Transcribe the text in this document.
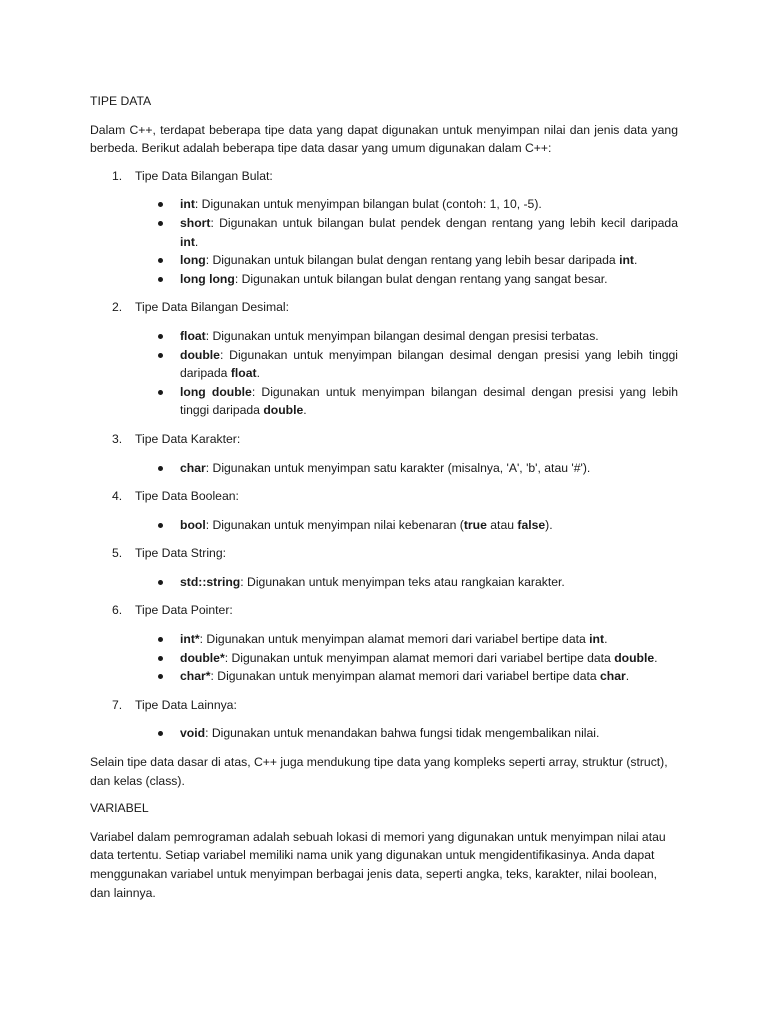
TIPE DATA

Dalam C++, terdapat beberapa tipe data yang dapat digunakan untuk menyimpan nilai dan jenis data yang berbeda. Berikut adalah beberapa tipe data dasar yang umum digunakan dalam C++:

1. Tipe Data Bilangan Bulat:
int: Digunakan untuk menyimpan bilangan bulat (contoh: 1, 10, -5).
short: Digunakan untuk bilangan bulat pendek dengan rentang yang lebih kecil daripada int.
long: Digunakan untuk bilangan bulat dengan rentang yang lebih besar daripada int.
long long: Digunakan untuk bilangan bulat dengan rentang yang sangat besar.
2. Tipe Data Bilangan Desimal:
float: Digunakan untuk menyimpan bilangan desimal dengan presisi terbatas.
double: Digunakan untuk menyimpan bilangan desimal dengan presisi yang lebih tinggi daripada float.
long double: Digunakan untuk menyimpan bilangan desimal dengan presisi yang lebih tinggi daripada double.
3. Tipe Data Karakter:
char: Digunakan untuk menyimpan satu karakter (misalnya, 'A', 'b', atau '#').
4. Tipe Data Boolean:
bool: Digunakan untuk menyimpan nilai kebenaran (true atau false).
5. Tipe Data String:
std::string: Digunakan untuk menyimpan teks atau rangkaian karakter.
6. Tipe Data Pointer:
int*: Digunakan untuk menyimpan alamat memori dari variabel bertipe data int.
double*: Digunakan untuk menyimpan alamat memori dari variabel bertipe data double.
char*: Digunakan untuk menyimpan alamat memori dari variabel bertipe data char.
7. Tipe Data Lainnya:
void: Digunakan untuk menandakan bahwa fungsi tidak mengembalikan nilai.

Selain tipe data dasar di atas, C++ juga mendukung tipe data yang kompleks seperti array, struktur (struct), dan kelas (class).

VARIABEL

Variabel dalam pemrograman adalah sebuah lokasi di memori yang digunakan untuk menyimpan nilai atau data tertentu. Setiap variabel memiliki nama unik yang digunakan untuk mengidentifikasinya. Anda dapat menggunakan variabel untuk menyimpan berbagai jenis data, seperti angka, teks, karakter, nilai boolean, dan lainnya.
